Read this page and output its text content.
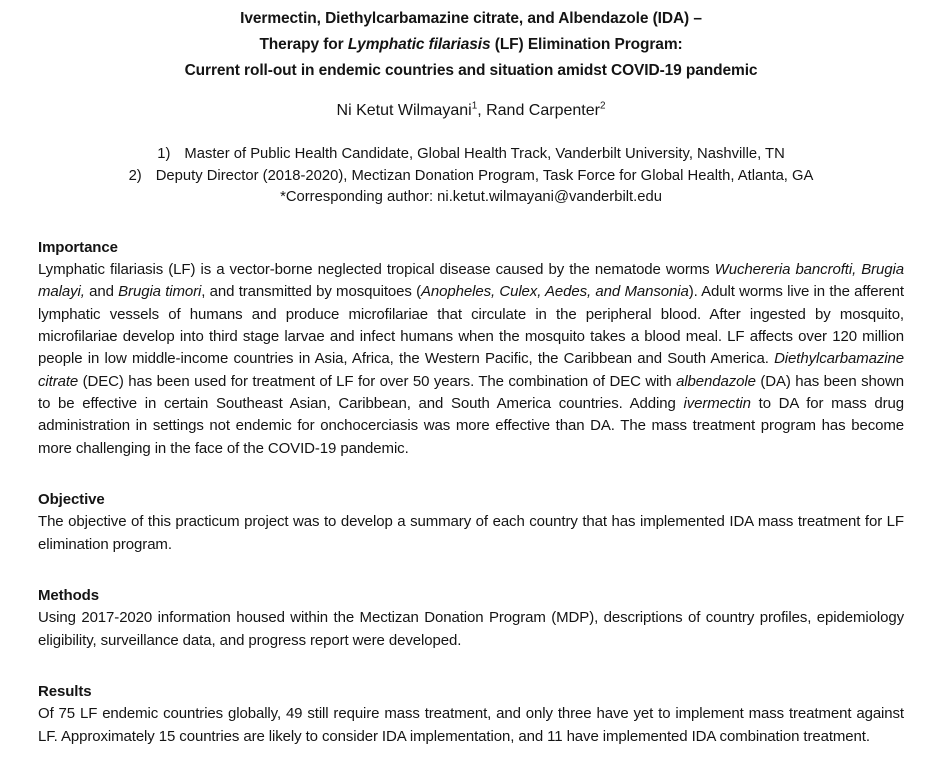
Ivermectin, Diethylcarbamazine citrate, and Albendazole (IDA) –
Therapy for Lymphatic filariasis (LF) Elimination Program:
Current roll-out in endemic countries and situation amidst COVID-19 pandemic
Ni Ketut Wilmayani$^1$, Rand Carpenter$^2$
1) Master of Public Health Candidate, Global Health Track, Vanderbilt University, Nashville, TN
2) Deputy Director (2018-2020), Mectizan Donation Program, Task Force for Global Health, Atlanta, GA
*Corresponding author: ni.ketut.wilmayani@vanderbilt.edu
Importance

Lymphatic filariasis (LF) is a vector-borne neglected tropical disease caused by the nematode worms Wuchereria bancrofti, Brugia malayi, and Brugia timori, and transmitted by mosquitoes (Anopheles, Culex, Aedes, and Mansonia). Adult worms live in the afferent lymphatic vessels of humans and produce microfilariae that circulate in the peripheral blood. After ingested by mosquito, microfilariae develop into third stage larvae and infect humans when the mosquito takes a blood meal. LF affects over 120 million people in low middle-income countries in Asia, Africa, the Western Pacific, the Caribbean and South America. Diethylcarbamazine citrate (DEC) has been used for treatment of LF for over 50 years. The combination of DEC with albendazole (DA) has been shown to be effective in certain Southeast Asian, Caribbean, and South America countries. Adding ivermectin to DA for mass drug administration in settings not endemic for onchocerciasis was more effective than DA. The mass treatment program has become more challenging in the face of the COVID-19 pandemic.

Objective

The objective of this practicum project was to develop a summary of each country that has implemented IDA mass treatment for LF elimination program.

Methods

Using 2017-2020 information housed within the Mectizan Donation Program (MDP), descriptions of country profiles, epidemiology eligibility, surveillance data, and progress report were developed.

Results

Of 75 LF endemic countries globally, 49 still require mass treatment, and only three have yet to implement mass treatment against LF. Approximately 15 countries are likely to consider IDA implementation, and 11 have implemented IDA combination treatment.
